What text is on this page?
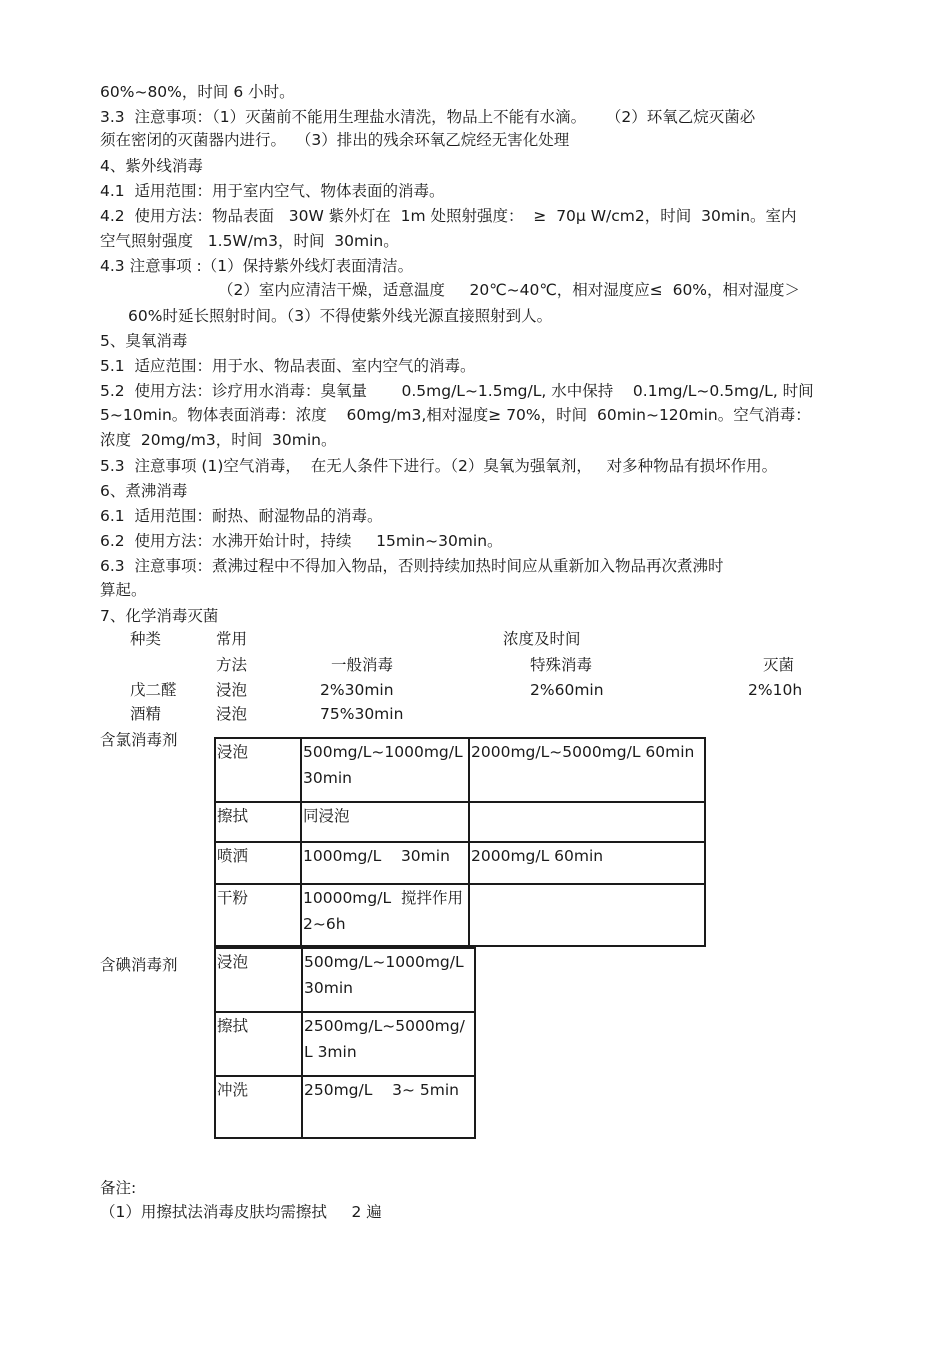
60%~80%，时间 6 小时。
3.3  注意事项：（1）灭菌前不能用生理盐水清洗，物品上不能有水滴。    （2）环氧乙烷灭菌必
须在密闭的灭菌器内进行。  （3）排出的残余环氧乙烷经无害化处理
4、紫外线消毒
4.1  适用范围：用于室内空气、物体表面的消毒。
4.2  使用方法：物品表面   30W 紫外灯在  1m 处照射强度：  ≥  70μ W/cm2，时间  30min。室内
空气照射强度   1.5W/m3，时间  30min。
4.3 注意事项 :（1）保持紫外线灯表面清洁。
（2）室内应清洁干燥，适意温度     20℃~40℃，相对湿度应≤  60%，相对湿度＞
60%时延长照射时间。（3）不得使紫外线光源直接照射到人。
5、臭氧消毒
5.1  适应范围：用于水、物品表面、室内空气的消毒。
5.2  使用方法：诊疗用水消毒：臭氧量       0.5mg/L~1.5mg/L, 水中保持    0.1mg/L~0.5mg/L, 时间
5~10min。物体表面消毒：浓度    60mg/m3,相对湿度≥ 70%，时间  60min~120min。空气消毒：
浓度  20mg/m3，时间  30min。
5.3  注意事项 (1)空气消毒，  在无人条件下进行。（2）臭氧为强氧剂，   对多种物品有损坏作用。
6、煮沸消毒
6.1  适用范围：耐热、耐湿物品的消毒。
6.2  使用方法：水沸开始计时，持续     15min~30min。
6.3  注意事项：煮沸过程中不得加入物品，否则持续加热时间应从重新加入物品再次煮沸时
算起。
7、化学消毒灭菌
种类	常用	浓度及时间
方法	一般消毒	特殊消毒	灭菌
戊二醛	浸泡	2%30min	2%60min	2%10h
酒精	浸泡	75%30min
含氯消毒剂
浸泡	500mg/L~1000mg/L 30min	2000mg/L~5000mg/L 60min
擦拭	同浸泡	
喷洒	1000mg/L    30min	2000mg/L 60min
干粉	10000mg/L  搅拌作用 2~6h	
含碘消毒剂	浸泡	500mg/L~1000mg/L 30min
擦拭	2500mg/L~5000mg/L 3min
冲洗	250mg/L    3~ 5min
备注:
（1）用擦拭法消毒皮肤均需擦拭     2 遍
